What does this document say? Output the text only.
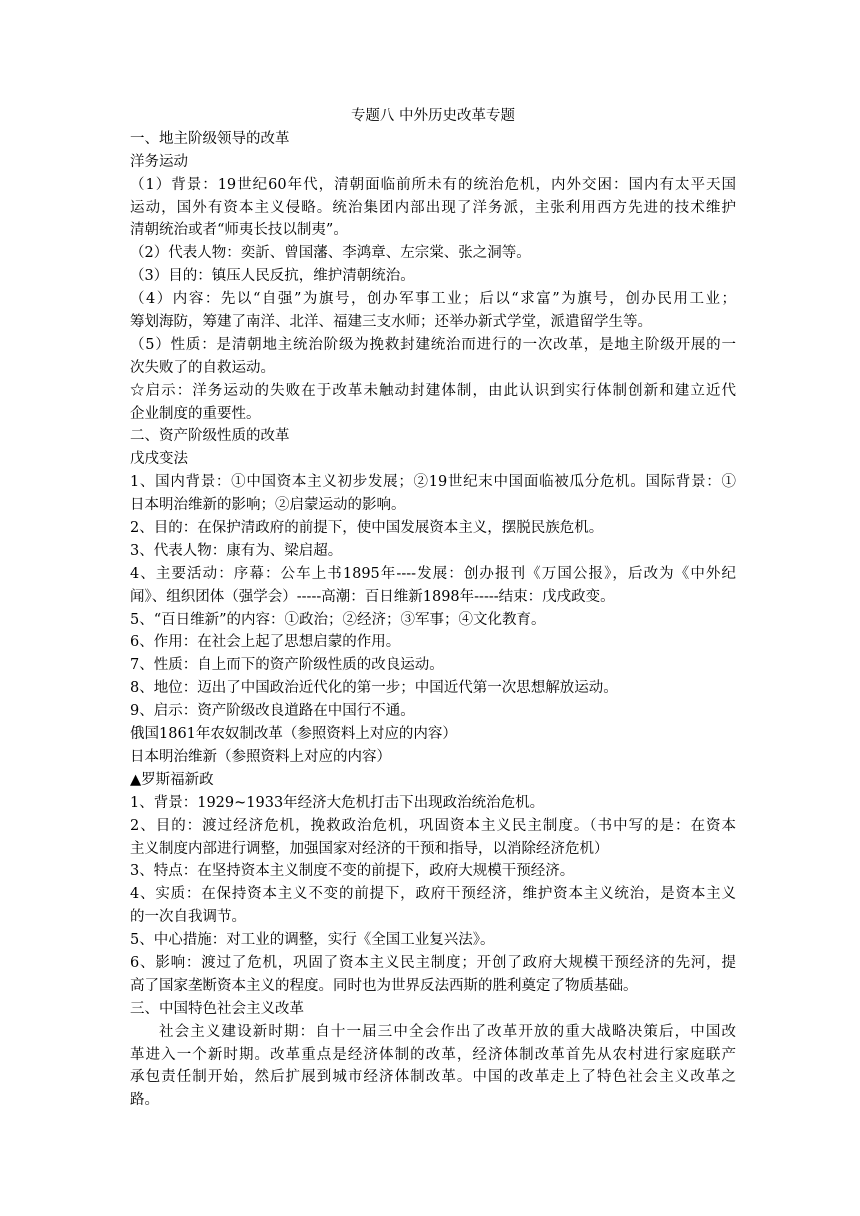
专题八 中外历史改革专题
一、地主阶级领导的改革
洋务运动
（1）背景：19世纪60年代，清朝面临前所未有的统治危机，内外交困：国内有太平天国
运动，国外有资本主义侵略。统治集团内部出现了洋务派，主张利用西方先进的技术维护
清朝统治或者“师夷长技以制夷”。
（2）代表人物：奕訢、曾国藩、李鸿章、左宗棠、张之洞等。
（3）目的：镇压人民反抗，维护清朝统治。
（4）内容：先以“自强”为旗号，创办军事工业；后以“求富”为旗号，创办民用工业；
筹划海防，筹建了南洋、北洋、福建三支水师；还举办新式学堂，派遣留学生等。
（5）性质：是清朝地主统治阶级为挽救封建统治而进行的一次改革，是地主阶级开展的一
次失败了的自救运动。
☆启示：洋务运动的失败在于改革未触动封建体制，由此认识到实行体制创新和建立近代
企业制度的重要性。
二、资产阶级性质的改革
戊戌变法
1、国内背景：①中国资本主义初步发展；②19世纪末中国面临被瓜分危机。国际背景：①
日本明治维新的影响；②启蒙运动的影响。
2、目的：在保护清政府的前提下，使中国发展资本主义，摆脱民族危机。
3、代表人物：康有为、梁启超。
4、主要活动：序幕：公车上书1895年----发展：创办报刊《万国公报》，后改为《中外纪
闻》、组织团体（强学会）-----高潮：百日维新1898年-----结束：戊戌政变。
5、“百日维新”的内容：①政治；②经济；③军事；④文化教育。
6、作用：在社会上起了思想启蒙的作用。
7、性质：自上而下的资产阶级性质的改良运动。
8、地位：迈出了中国政治近代化的第一步；中国近代第一次思想解放运动。
9、启示：资产阶级改良道路在中国行不通。
俄国1861年农奴制改革（参照资料上对应的内容）
日本明治维新（参照资料上对应的内容）
▲罗斯福新政
1、背景：1929~1933年经济大危机打击下出现政治统治危机。
2、目的：渡过经济危机，挽救政治危机，巩固资本主义民主制度。（书中写的是：在资本
主义制度内部进行调整，加强国家对经济的干预和指导，以消除经济危机）
3、特点：在坚持资本主义制度不变的前提下，政府大规模干预经济。
4、实质：在保持资本主义不变的前提下，政府干预经济，维护资本主义统治，是资本主义
的一次自我调节。
5、中心措施：对工业的调整，实行《全国工业复兴法》。
6、影响：渡过了危机，巩固了资本主义民主制度；开创了政府大规模干预经济的先河，提
高了国家垄断资本主义的程度。同时也为世界反法西斯的胜利奠定了物质基础。
三、中国特色社会主义改革
社会主义建设新时期：自十一届三中全会作出了改革开放的重大战略决策后，中国改
革进入一个新时期。改革重点是经济体制的改革，经济体制改革首先从农村进行家庭联产
承包责任制开始，然后扩展到城市经济体制改革。中国的改革走上了特色社会主义改革之
路。
